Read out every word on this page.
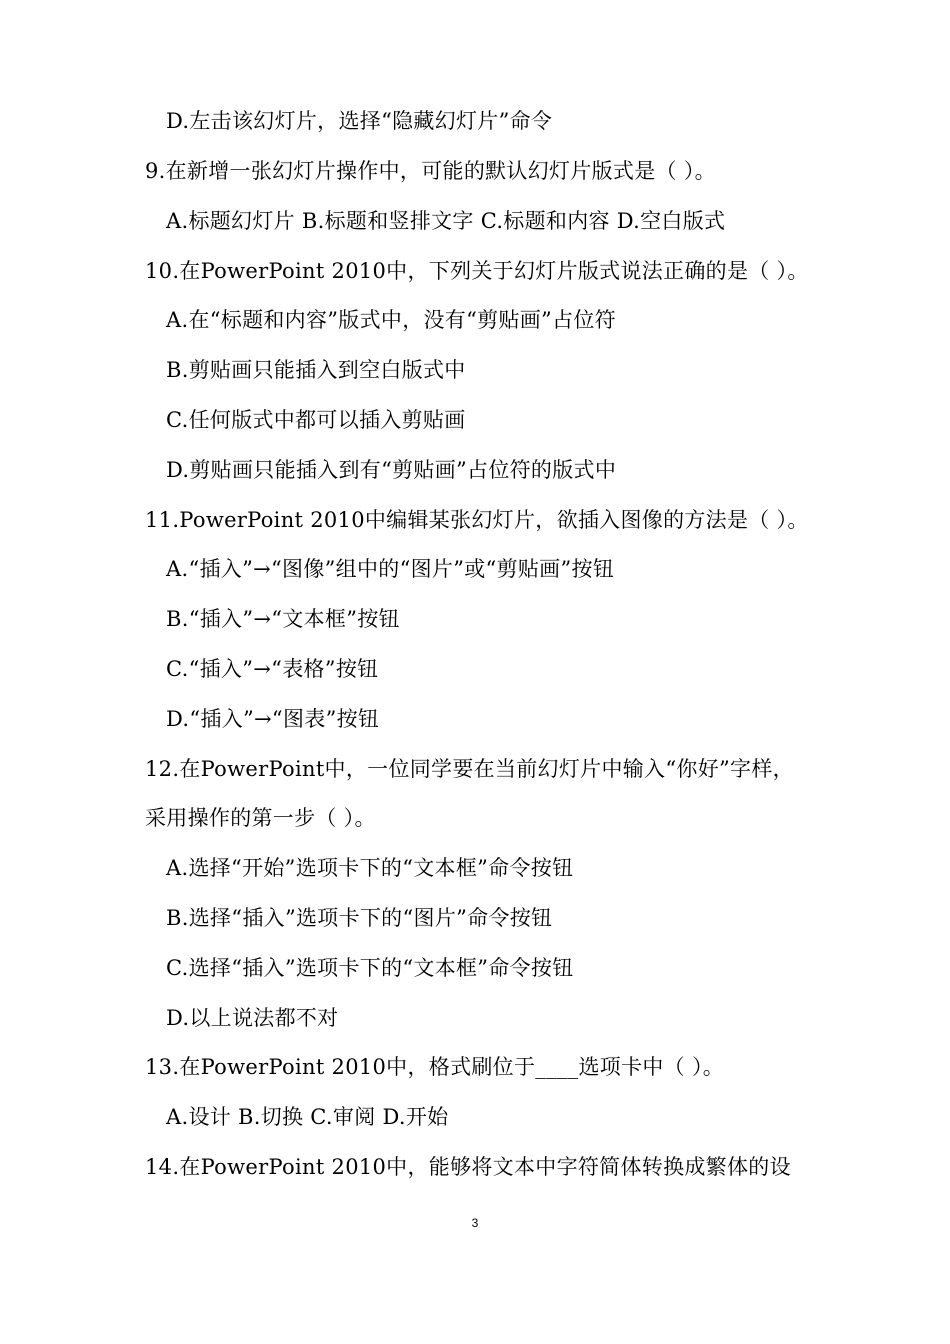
D.左击该幻灯片，选择“隐藏幻灯片”命令
9.在新增一张幻灯片操作中，可能的默认幻灯片版式是（ ）。
A.标题幻灯片 B.标题和竖排文字 C.标题和内容 D.空白版式
10.在PowerPoint 2010中，下列关于幻灯片版式说法正确的是（ ）。
A.在“标题和内容”版式中，没有“剪贴画”占位符
B.剪贴画只能插入到空白版式中
C.任何版式中都可以插入剪贴画
D.剪贴画只能插入到有“剪贴画”占位符的版式中
11.PowerPoint 2010中编辑某张幻灯片，欲插入图像的方法是（ ）。
A.“插入”→“图像”组中的“图片”或“剪贴画”按钮
B.“插入”→“文本框”按钮
C.“插入”→“表格”按钮
D.“插入”→“图表”按钮
12.在PowerPoint中，一位同学要在当前幻灯片中输入“你好”字样，
采用操作的第一步（ ）。
A.选择“开始”选项卡下的“文本框”命令按钮
B.选择“插入”选项卡下的“图片”命令按钮
C.选择“插入”选项卡下的“文本框”命令按钮
D.以上说法都不对
13.在PowerPoint 2010中，格式刷位于____选项卡中（ ）。
A.设计 B.切换 C.审阅 D.开始
14.在PowerPoint 2010中，能够将文本中字符简体转换成繁体的设
3
